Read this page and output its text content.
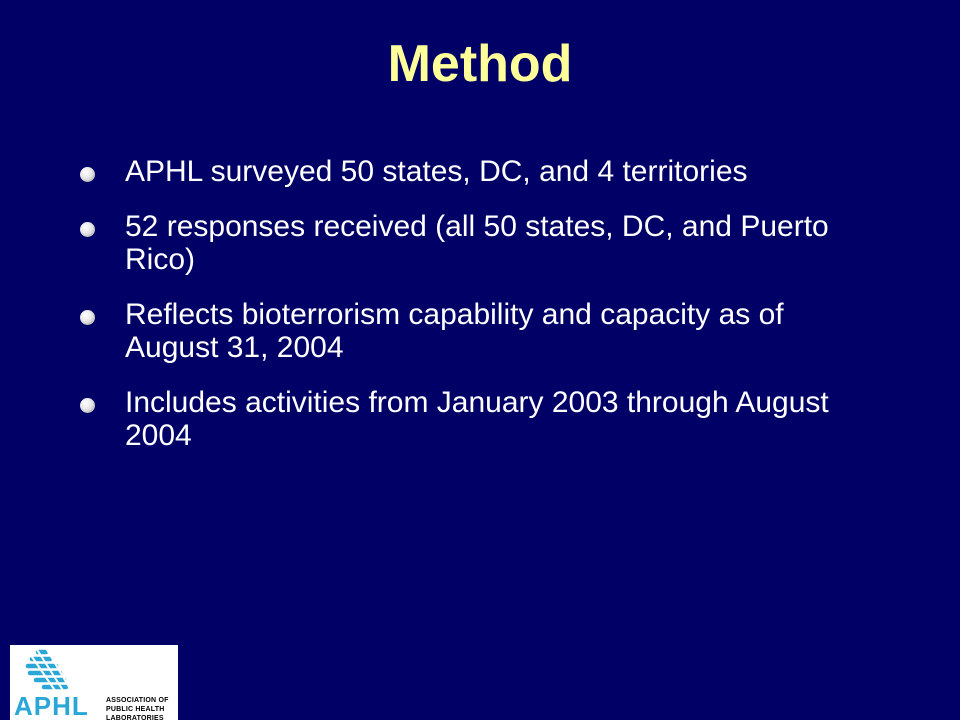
Method
APHL surveyed 50 states, DC, and 4 territories
52 responses received (all 50 states, DC, and Puerto Rico)
Reflects bioterrorism capability and capacity as of August 31, 2004
Includes activities from January 2003 through August 2004
APHL ASSOCIATION OF
PUBLIC HEALTH LABORATORIES
